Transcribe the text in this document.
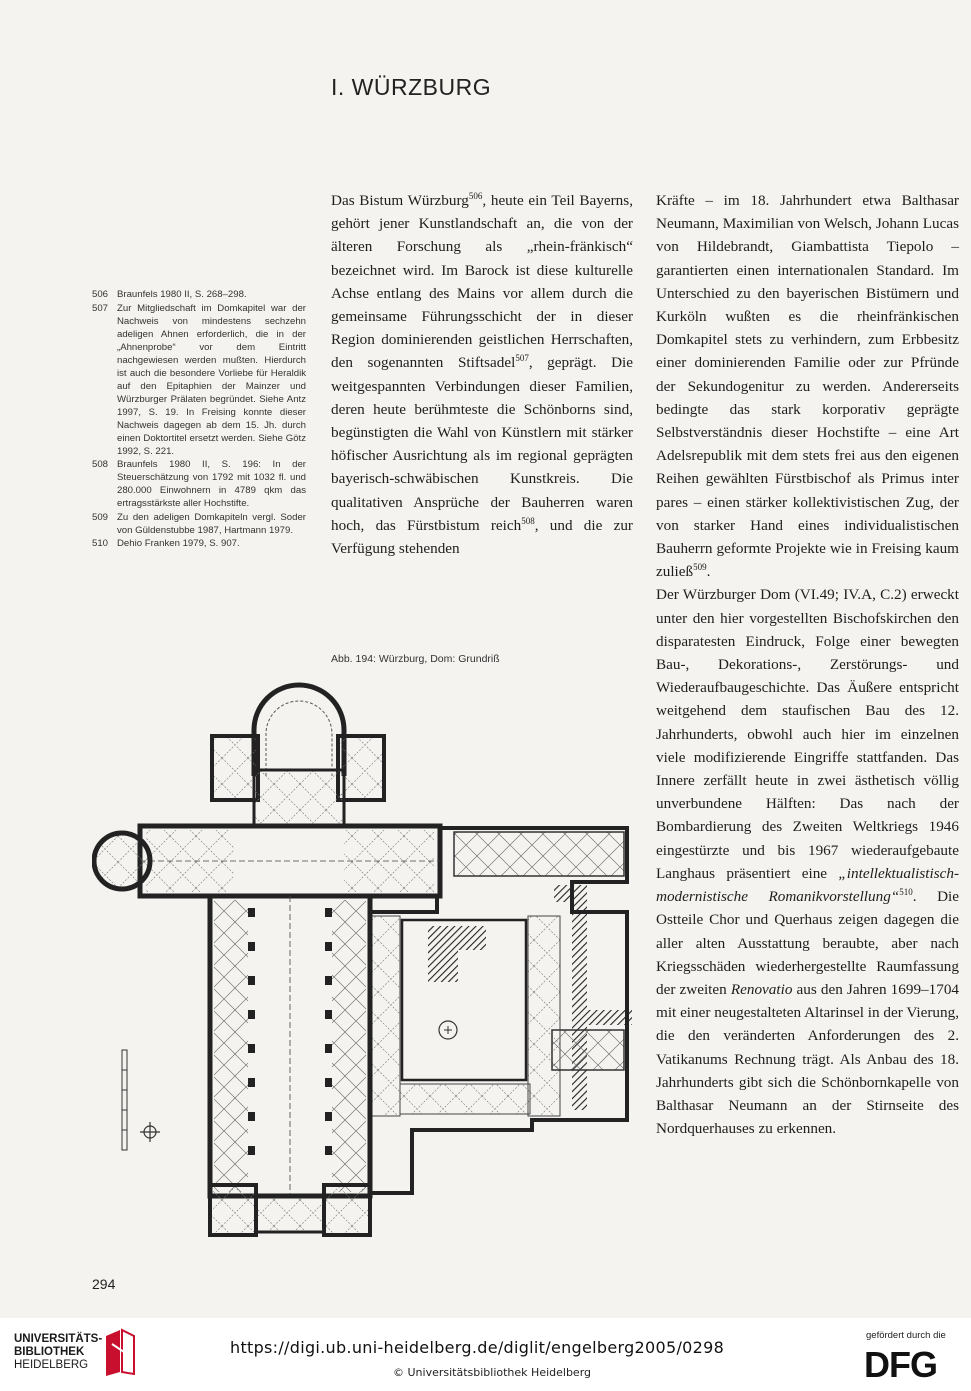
I. WÜRZBURG
506 Braunfels 1980 II, S. 268–298.
507 Zur Mitgliedschaft im Domkapitel war der Nachweis von mindestens sechzehn adeligen Ahnen erforderlich, die in der „Ahnenprobe“ vor dem Eintritt nachgewiesen werden mußten. Hierdurch ist auch die besondere Vorliebe für Heraldik auf den Epitaphien der Mainzer und Würzburger Prälaten begründet. Siehe Antz 1997, S. 19. In Freising konnte dieser Nachweis dagegen ab dem 15. Jh. durch einen Doktortitel ersetzt werden. Siehe Götz 1992, S. 221.
508 Braunfels 1980 II, S. 196: In der Steuerschätzung von 1792 mit 1032 fl. und 280.000 Einwohnern in 4789 qkm das ertragsstärkste aller Hochstifte.
509 Zu den adeligen Domkapiteln vergl. Soder von Güldenstubbe 1987, Hartmann 1979.
510 Dehio Franken 1979, S. 907.

Das Bistum Würzburg$^{506}$, heute ein Teil Bayerns, gehört jener Kunstlandschaft an, die von der älteren Forschung als „rhein-fränkisch“ bezeichnet wird. Im Barock ist diese kulturelle Achse entlang des Mains vor allem durch die gemeinsame Führungsschicht der in dieser Region dominierenden geistlichen Herrschaften, den sogenannten Stiftsadel$^{507}$, geprägt. Die weitgespannten Verbindungen dieser Familien, deren heute berühmteste die Schönborns sind, begünstigten die Wahl von Künstlern mit stärker höfischer Ausrichtung als im regional geprägten bayerisch-schwäbischen Kunstkreis. Die qualitativen Ansprüche der Bauherren waren hoch, das Fürstbistum reich$^{508}$, und die zur Verfügung stehenden

Kräfte – im 18. Jahrhundert etwa Balthasar Neumann, Maximilian von Welsch, Johann Lucas von Hildebrandt, Giambattista Tiepolo – garantierten einen internationalen Standard. Im Unterschied zu den bayerischen Bistümern und Kurköln wußten es die rheinfränkischen Domkapitel stets zu verhindern, zum Erbbesitz einer dominierenden Familie oder zur Pfründe der Sekundogenitur zu werden. Andererseits bedingte das stark korporativ geprägte Selbstverständnis dieser Hochstifte – eine Art Adelsrepublik mit dem stets frei aus den eigenen Reihen gewählten Fürstbischof als Primus inter pares – einen stärker kollektivistischen Zug, der von starker Hand eines individualistischen Bauherrn geformte Projekte wie in Freising kaum zuließ$^{509}$.

Der Würzburger Dom (VI.49; IV.A, C.2) erweckt unter den hier vorgestellten Bischofskirchen den disparatesten Eindruck, Folge einer bewegten Bau-, Dekorations-, Zerstörungs- und Wiederaufbaugeschichte. Das Äußere entspricht weitgehend dem staufischen Bau des 12. Jahrhunderts, obwohl auch hier im einzelnen viele modifizierende Eingriffe stattfanden. Das Innere zerfällt heute in zwei ästhetisch völlig unverbundene Hälften: Das nach der Bombardierung des Zweiten Weltkriegs 1946 eingestürzte und bis 1967 wiederaufgebaute Langhaus präsentiert eine „intellektualistisch-modernistische Romanikvorstellung“$^{510}$. Die Ostteile Chor und Querhaus zeigen dagegen die aller alten Ausstattung beraubte, aber nach Kriegsschäden wiederhergestellte Raumfassung der zweiten Renovatio aus den Jahren 1699–1704 mit einer neugestalteten Altarinsel in der Vierung, die den veränderten Anforderungen des 2. Vatikanums Rechnung trägt. Als Anbau des 18. Jahrhunderts gibt sich die Schönbornkapelle von Balthasar Neumann an der Stirnseite des Nordquerhauses zu erkennen.

Abb. 194: Würzburg, Dom: Grundriß
294
UNIVERSITÄTS-
BIBLIOTHEK
HEIDELBERG
https://digi.ub.uni-heidelberg.de/diglit/engelberg2005/0298
© Universitätsbibliothek Heidelberg
gefördert durch die
DFG
